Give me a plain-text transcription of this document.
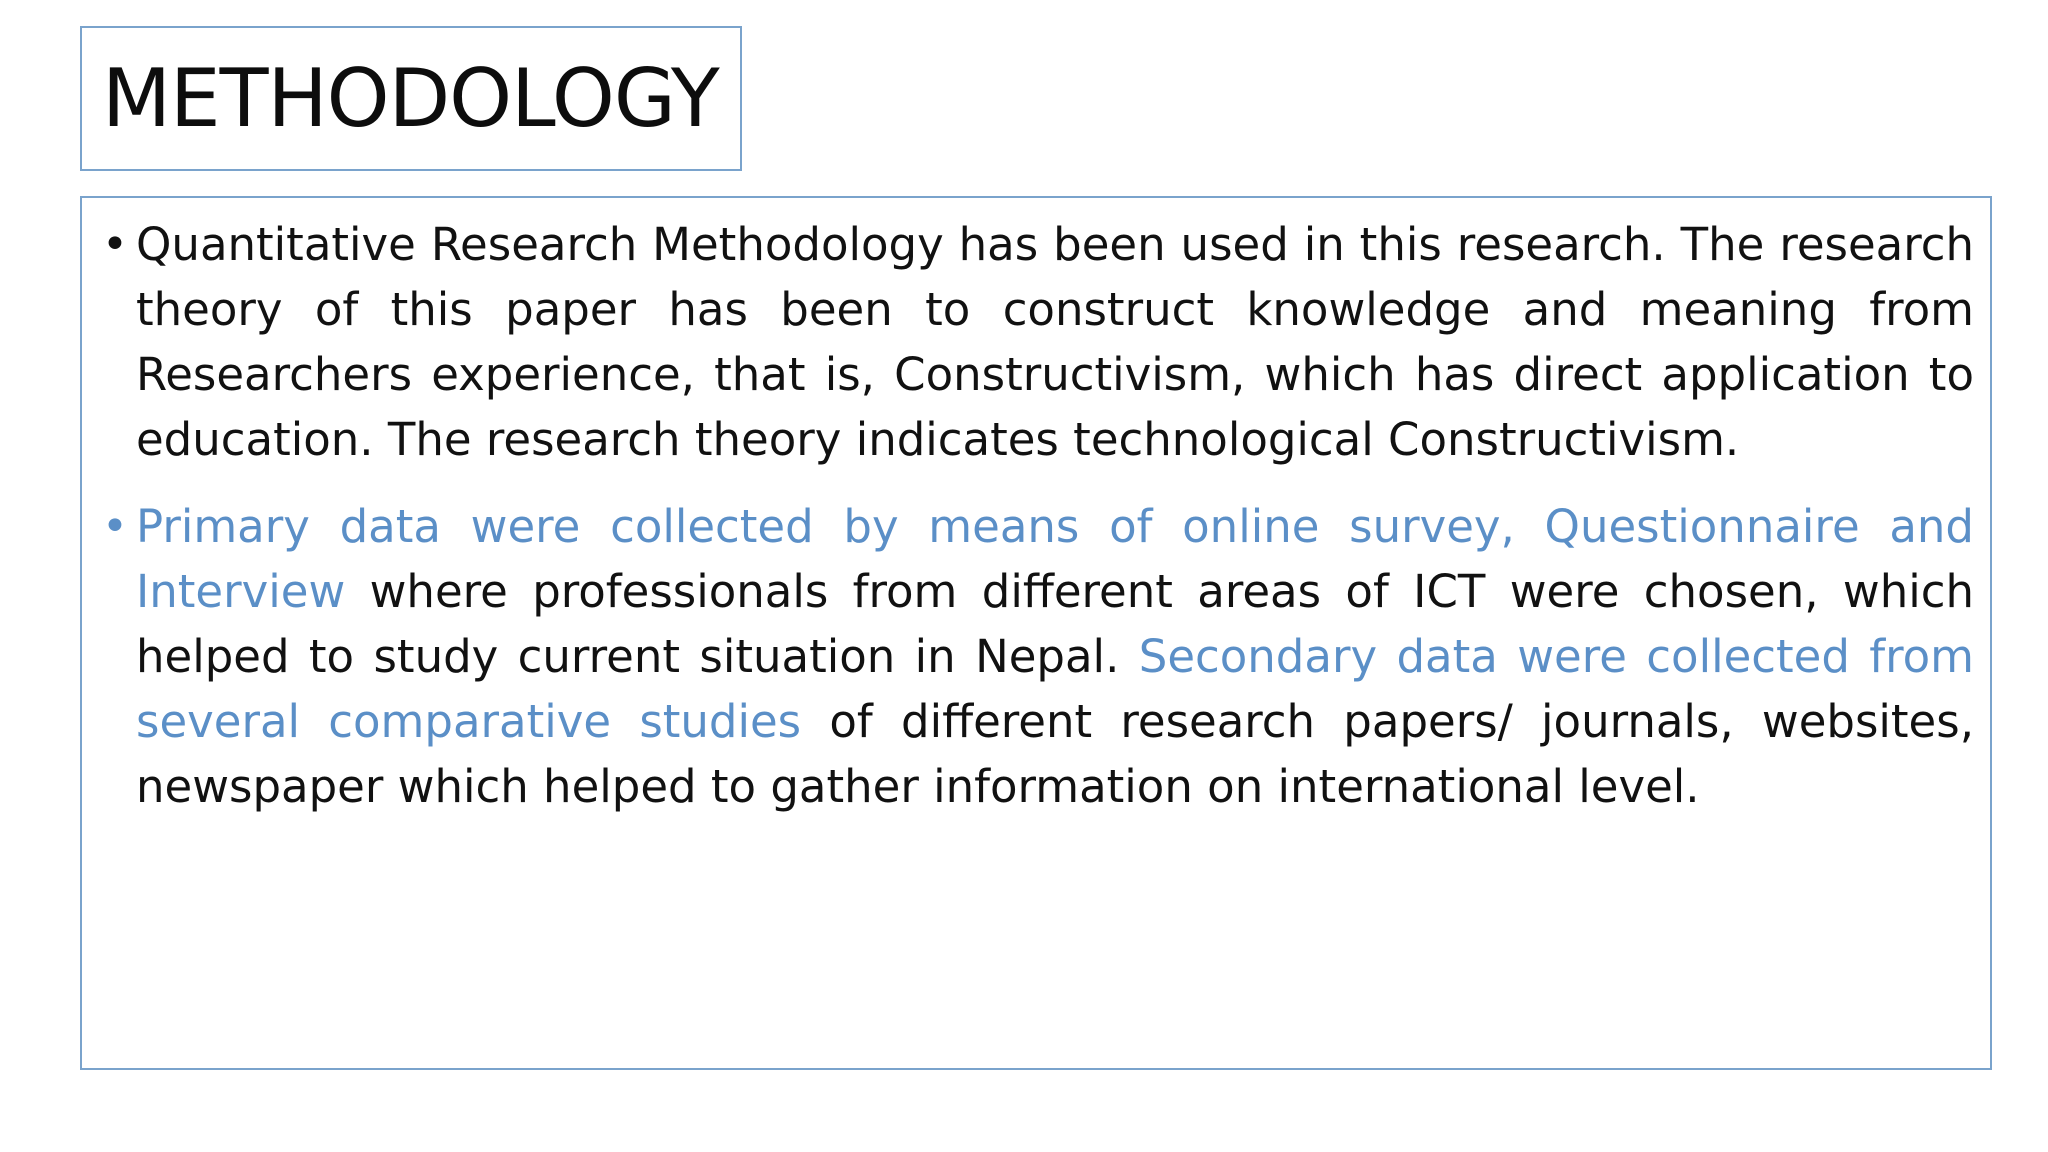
METHODOLOGY
• Quantitative Research Methodology has been used in this research. The research theory of this paper has been to construct knowledge and meaning from Researchers experience, that is, Constructivism, which has direct application to education. The research theory indicates technological Constructivism.
• Primary data were collected by means of online survey, Questionnaire and Interview where professionals from different areas of ICT were chosen, which helped to study current situation in Nepal. Secondary data were collected from several comparative studies of different research papers/ journals, websites, newspaper which helped to gather information on international level.
